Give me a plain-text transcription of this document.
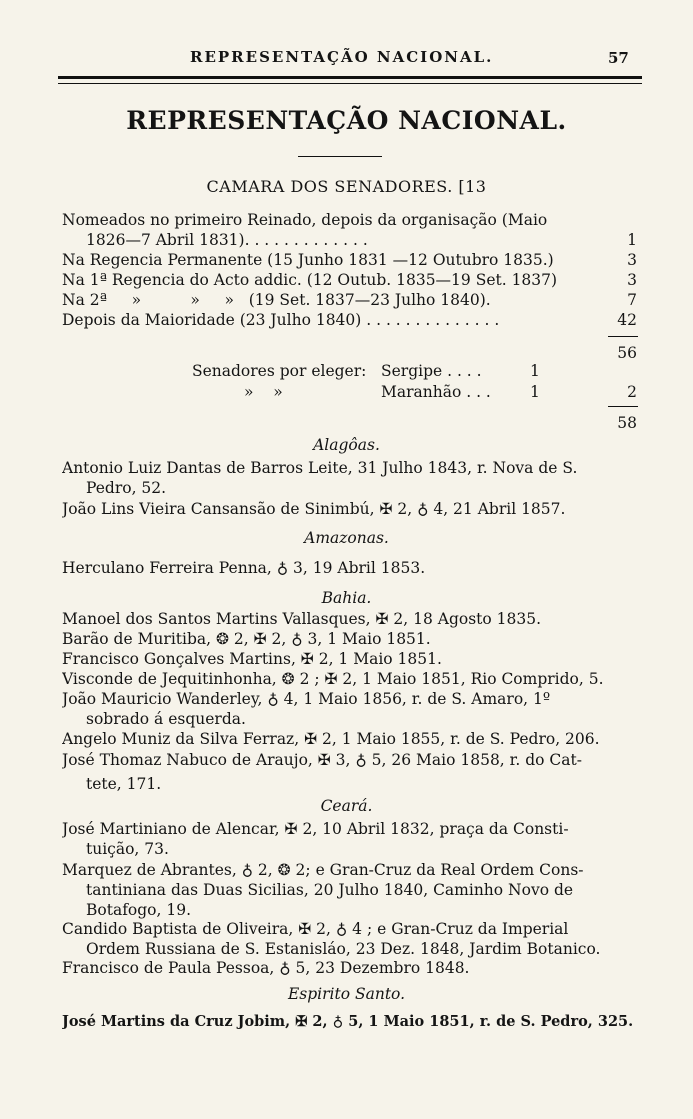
REPRESENTAÇÃO NACIONAL.	57
REPRESENTAÇÃO NACIONAL.
CAMARA DOS SENADORES. [13
Nomeados no primeiro Reinado, depois da organisação (Maio
1826—7 Abril 1831). . . . . . . . . . . . .	1
Na Regencia Permanente (15 Junho 1831 —12 Outubro 1835.)	3
Na 1ª Regencia do Acto addic. (12 Outub. 1835—19 Set. 1837)	3
Na 2ª     »          »     »   (19 Set. 1837—23 Julho 1840).	7
Depois da Maioridade (23 Julho 1840) . . . . . . . . . . . . . .	42
56
Senadores por eleger: Sergipe . . . .	1
»    »	Maranhão . . .	1	2
58
Alagôas.
Antonio Luiz Dantas de Barros Leite, 31 Julho 1843, r. Nova de S.
Pedro, 52.
João Lins Vieira Cansansão de Sinimbú, ✠ 2, ♁ 4, 21 Abril 1857.
Amazonas.
Herculano Ferreira Penna, ♁ 3, 19 Abril 1853.
Bahia.
Manoel dos Santos Martins Vallasques, ✠ 2, 18 Agosto 1835.
Barão de Muritiba, ❂ 2, ✠ 2, ♁ 3, 1 Maio 1851.
Francisco Gonçalves Martins, ✠ 2, 1 Maio 1851.
Visconde de Jequitinhonha, ❂ 2 ; ✠ 2, 1 Maio 1851, Rio Comprido, 5.
João Mauricio Wanderley, ♁ 4, 1 Maio 1856, r. de S. Amaro, 1º
sobrado á esquerda.
Angelo Muniz da Silva Ferraz, ✠ 2, 1 Maio 1855, r. de S. Pedro, 206.
José Thomaz Nabuco de Araujo, ✠ 3, ♁ 5, 26 Maio 1858, r. do Cat-
tete, 171.
Ceará.
José Martiniano de Alencar, ✠ 2, 10 Abril 1832, praça da Consti-
tuição, 73.
Marquez de Abrantes, ♁ 2, ❂ 2; e Gran-Cruz da Real Ordem Cons-
tantiniana das Duas Sicilias, 20 Julho 1840, Caminho Novo de
Botafogo, 19.
Candido Baptista de Oliveira, ✠ 2, ♁ 4 ; e Gran-Cruz da Imperial
Ordem Russiana de S. Estanisláo, 23 Dez. 1848, Jardim Botanico.
Francisco de Paula Pessoa, ♁ 5, 23 Dezembro 1848.
Espirito Santo.
José Martins da Cruz Jobim, ✠ 2, ♁ 5, 1 Maio 1851, r. de S. Pedro, 325.
